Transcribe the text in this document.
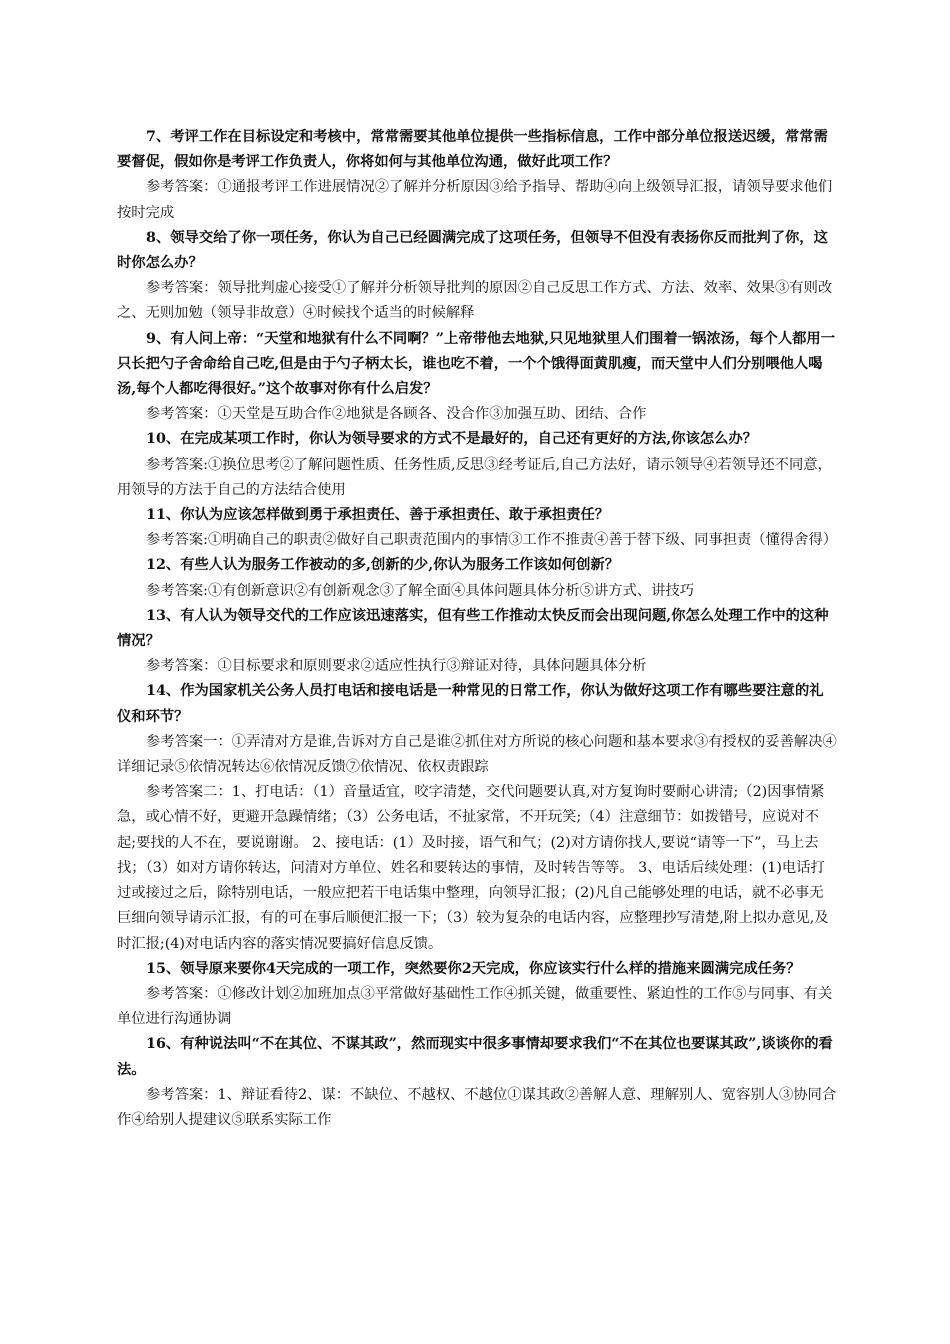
7、考评工作在目标设定和考核中，常常需要其他单位提供一些指标信息，工作中部分单位报送迟缓，常常需要督促，假如你是考评工作负责人，你将如何与其他单位沟通，做好此项工作？

参考答案：①通报考评工作进展情况②了解并分析原因③给予指导、帮助④向上级领导汇报，请领导要求他们按时完成

8、领导交给了你一项任务，你认为自己已经圆满完成了这项任务，但领导不但没有表扬你反而批判了你，这时你怎么办？

参考答案：领导批判虚心接受①了解并分析领导批判的原因②自己反思工作方式、方法、效率、效果③有则改之、无则加勉（领导非故意）④时候找个适当的时候解释

9、有人问上帝：“天堂和地狱有什么不同啊？”上帝带他去地狱,只见地狱里人们围着一锅浓汤，每个人都用一只长把勺子舍命给自己吃,但是由于勺子柄太长，谁也吃不着，一个个饿得面黄肌瘦，而天堂中人们分别喂他人喝汤,每个人都吃得很好。”这个故事对你有什么启发？

参考答案：①天堂是互助合作②地狱是各顾各、没合作③加强互助、团结、合作

10、在完成某项工作时，你认为领导要求的方式不是最好的，自己还有更好的方法,你该怎么办？

参考答案:①换位思考②了解问题性质、任务性质,反思③经考证后,自己方法好，请示领导④若领导还不同意，用领导的方法于自己的方法结合使用

11、你认为应该怎样做到勇于承担责任、善于承担责任、敢于承担责任？

参考答案:①明确自己的职责②做好自己职责范围内的事情③工作不推责④善于替下级、同事担责（懂得舍得）

12、有些人认为服务工作被动的多,创新的少,你认为服务工作该如何创新？

参考答案:①有创新意识②有创新观念③了解全面④具体问题具体分析⑤讲方式、讲技巧

13、有人认为领导交代的工作应该迅速落实，但有些工作推动太快反而会出现问题,你怎么处理工作中的这种情况？

参考答案：①目标要求和原则要求②适应性执行③辩证对待，具体问题具体分析

14、作为国家机关公务人员打电话和接电话是一种常见的日常工作，你认为做好这项工作有哪些要注意的礼仪和环节？

参考答案一：①弄清对方是谁,告诉对方自己是谁②抓住对方所说的核心问题和基本要求③有授权的妥善解决④详细记录⑤依情况转达⑥依情况反馈⑦依情况、依权责跟踪

参考答案二：1、打电话：（1）音量适宜，咬字清楚，交代问题要认真,对方复询时要耐心讲清;（2)因事情紧急，或心情不好，更避开急躁情绪；（3）公务电话，不扯家常，不开玩笑;（4）注意细节：如拨错号，应说对不起;要找的人不在，要说谢谢。 2、接电话：(1）及时接，语气和气；(2)对方请你找人,要说“请等一下”，马上去找；（3）如对方请你转达，问清对方单位、姓名和要转达的事情，及时转告等等。 3、电话后续处理：(1)电话打过或接过之后，除特别电话，一般应把若干电话集中整理，向领导汇报；(2)凡自己能够处理的电话，就不必事无巨细向领导请示汇报，有的可在事后顺便汇报一下；（3）较为复杂的电话内容，应整理抄写清楚,附上拟办意见,及时汇报;(4)对电话内容的落实情况要搞好信息反馈。

15、领导原来要你4天完成的一项工作，突然要你2天完成，你应该实行什么样的措施来圆满完成任务？

参考答案：①修改计划②加班加点③平常做好基础性工作④抓关键，做重要性、紧迫性的工作⑤与同事、有关单位进行沟通协调

16、有种说法叫“不在其位、不谋其政”，然而现实中很多事情却要求我们“不在其位也要谋其政”,谈谈你的看法。

参考答案：1、辩证看待2、谋：不缺位、不越权、不越位①谋其政②善解人意、理解别人、宽容别人③协同合作④给别人提建议⑤联系实际工作
